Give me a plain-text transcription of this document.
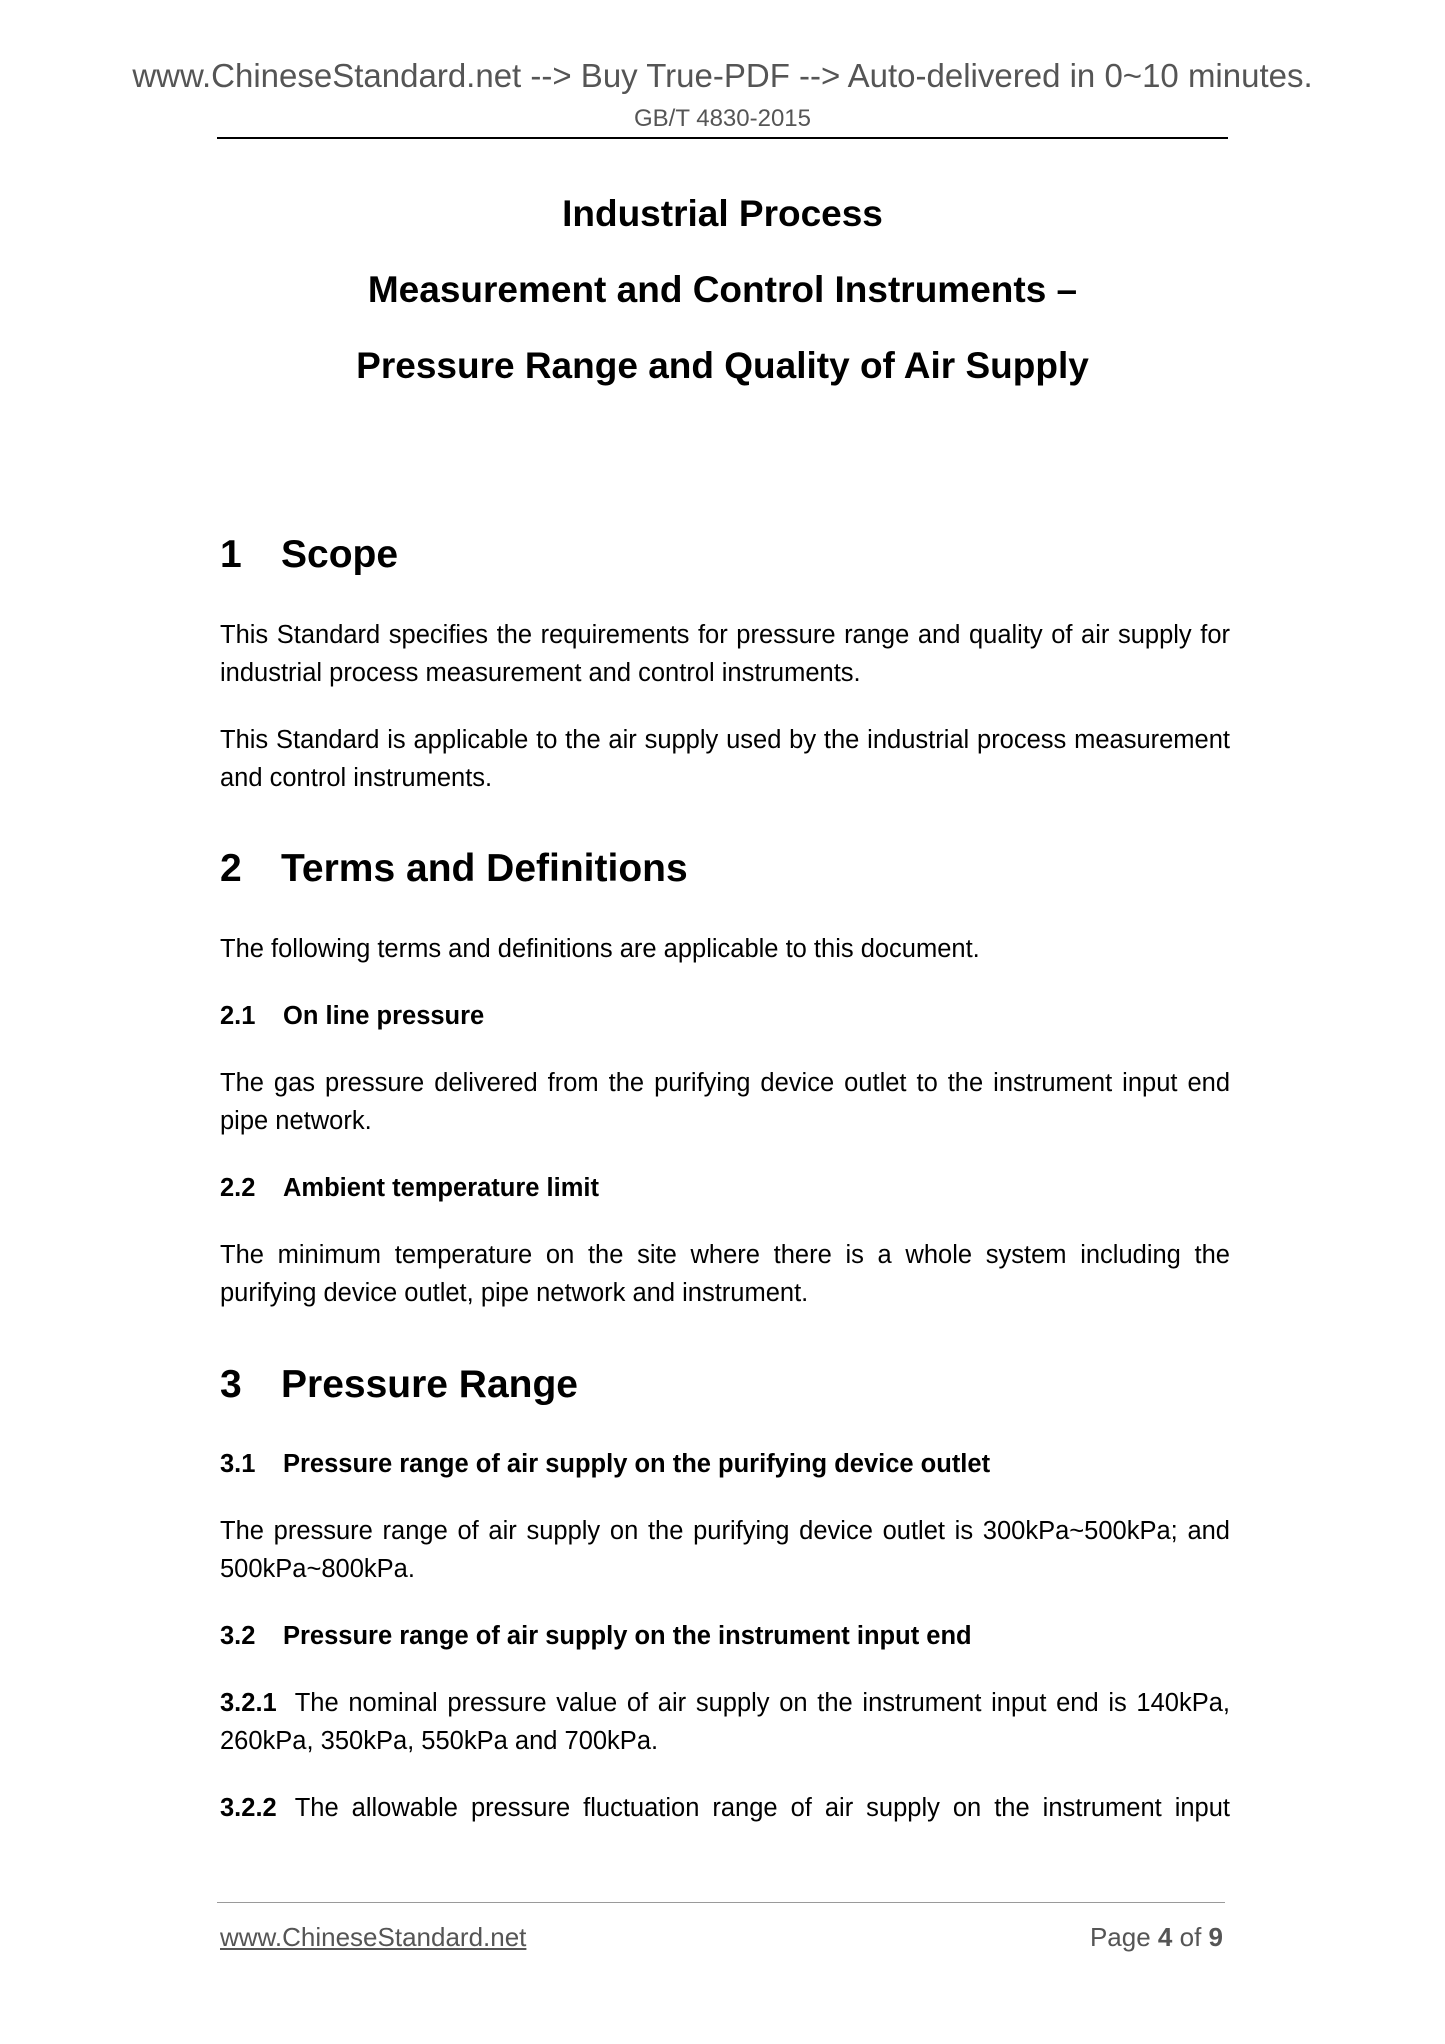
www.ChineseStandard.net --> Buy True-PDF --> Auto-delivered in 0~10 minutes.
GB/T 4830-2015
Industrial Process
Measurement and Control Instruments –
Pressure Range and Quality of Air Supply
1	Scope

This Standard specifies the requirements for pressure range and quality of air supply for industrial process measurement and control instruments.

This Standard is applicable to the air supply used by the industrial process measurement and control instruments.

2	Terms and Definitions

The following terms and definitions are applicable to this document.

2.1	On line pressure

The gas pressure delivered from the purifying device outlet to the instrument input end pipe network.

2.2	Ambient temperature limit

The minimum temperature on the site where there is a whole system including the purifying device outlet, pipe network and instrument.

3	Pressure Range
3.1	Pressure range of air supply on the purifying device outlet

The pressure range of air supply on the purifying device outlet is 300kPa~500kPa; and 500kPa~800kPa.

3.2	Pressure range of air supply on the instrument input end

3.2.1 The nominal pressure value of air supply on the instrument input end is 140kPa, 260kPa, 350kPa, 550kPa and 700kPa.

3.2.2 The allowable pressure fluctuation range of air supply on the instrument input

www.ChineseStandard.net	Page 4 of 9
